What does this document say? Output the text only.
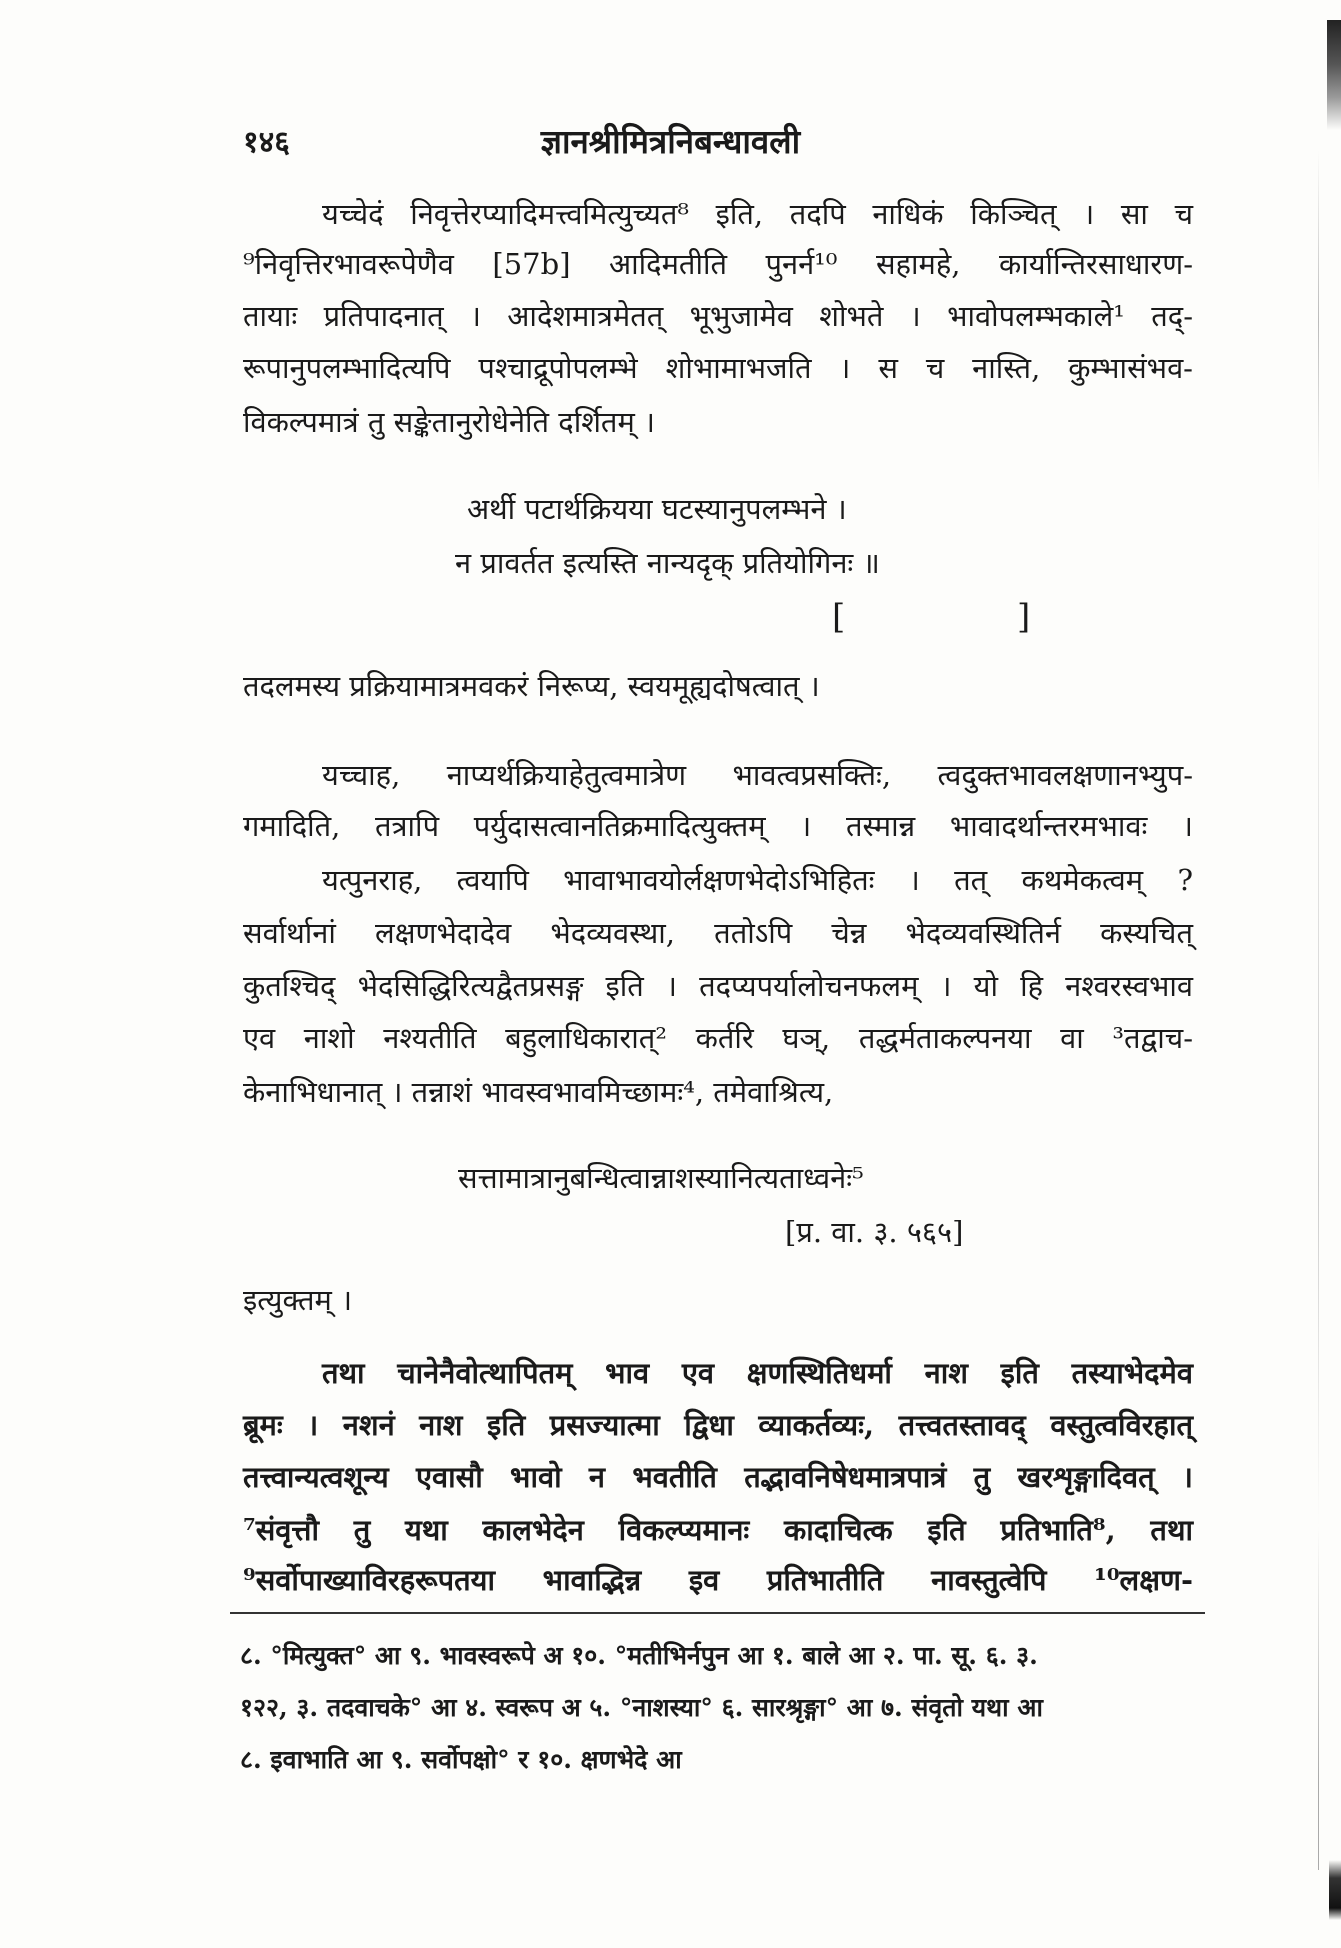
१४६	ज्ञानश्रीमित्रनिबन्धावली
यच्चेदं निवृत्तेरप्यादिमत्त्वमित्युच्यत⁸ इति, तदपि नाधिकं किञ्चित् । सा च
⁹निवृत्तिरभावरूपेणैव [57b] आदिमतीति पुनर्न¹⁰ सहामहे, कार्यान्तिरसाधारण-
तायाः प्रतिपादनात् । आदेशमात्रमेतत् भूभुजामेव शोभते । भावोपलम्भकाले¹ तद्-
रूपानुपलम्भादित्यपि पश्चाद्रूपोपलम्भे शोभामाभजति । स च नास्ति, कुम्भासंभव-
विकल्पमात्रं तु सङ्केतानुरोधेनेति दर्शितम् ।
अर्थी पटार्थक्रियया घटस्यानुपलम्भने ।
न प्रावर्तत इत्यस्ति नान्यदृक् प्रतियोगिनः ॥
[	]
तदलमस्य प्रक्रियामात्रमवकरं निरूप्य, स्वयमूह्यदोषत्वात् ।
यच्चाह, नाप्यर्थक्रियाहेतुत्वमात्रेण भावत्वप्रसक्तिः, त्वदुक्तभावलक्षणानभ्युप-
गमादिति, तत्रापि पर्युदासत्वानतिक्रमादित्युक्तम् । तस्मान्न भावादर्थान्तरमभावः ।
यत्पुनराह, त्वयापि भावाभावयोर्लक्षणभेदोऽभिहितः । तत् कथमेकत्वम् ?
सर्वार्थानां लक्षणभेदादेव भेदव्यवस्था, ततोऽपि चेन्न भेदव्यवस्थितिर्न कस्यचित्
कुतश्चिद् भेदसिद्धिरित्यद्वैतप्रसङ्ग इति । तदप्यपर्यालोचनफलम् । यो हि नश्वरस्वभाव
एव नाशो नश्यतीति बहुलाधिकारात्² कर्तरि घञ्, तद्धर्मताकल्पनया वा ³तद्वाच-
केनाभिधानात् । तन्नाशं भावस्वभावमिच्छामः⁴, तमेवाश्रित्य,
सत्तामात्रानुबन्धित्वान्नाशस्यानित्यताध्वनेः⁵
[प्र. वा. ३. ५६५]
इत्युक्तम् ।
तथा चानेनैवोत्थापितम् भाव एव क्षणस्थितिधर्मा नाश इति तस्याभेदमेव
ब्रूमः । नशनं नाश इति प्रसज्यात्मा द्विधा व्याकर्तव्यः, तत्त्वतस्तावद् वस्तुत्वविरहात्
तत्त्वान्यत्वशून्य एवासौ भावो न भवतीति तद्भावनिषेधमात्रपात्रं तु खरशृङ्गादिवत् ।
⁷संवृत्तौ तु यथा कालभेदेन विकल्प्यमानः कादाचित्क इति प्रतिभाति⁸, तथा
⁹सर्वोपाख्याविरहरूपतया भावाद्भिन्न इव प्रतिभातीति नावस्तुत्वेपि ¹⁰लक्षण-
८. °मित्युक्त° आ ९. भावस्वरूपे अ १०. °मतीभिर्नपुन आ १. बाले आ २. पा. सू. ६. ३.
१२२, ३. तदवाचके° आ ४. स्वरूप अ ५. °नाशस्या° ६. सारश्रृङ्गा° आ ७. संवृतो यथा आ
८. इवाभाति आ ९. सर्वोपक्षो° र १०. क्षणभेदे आ
